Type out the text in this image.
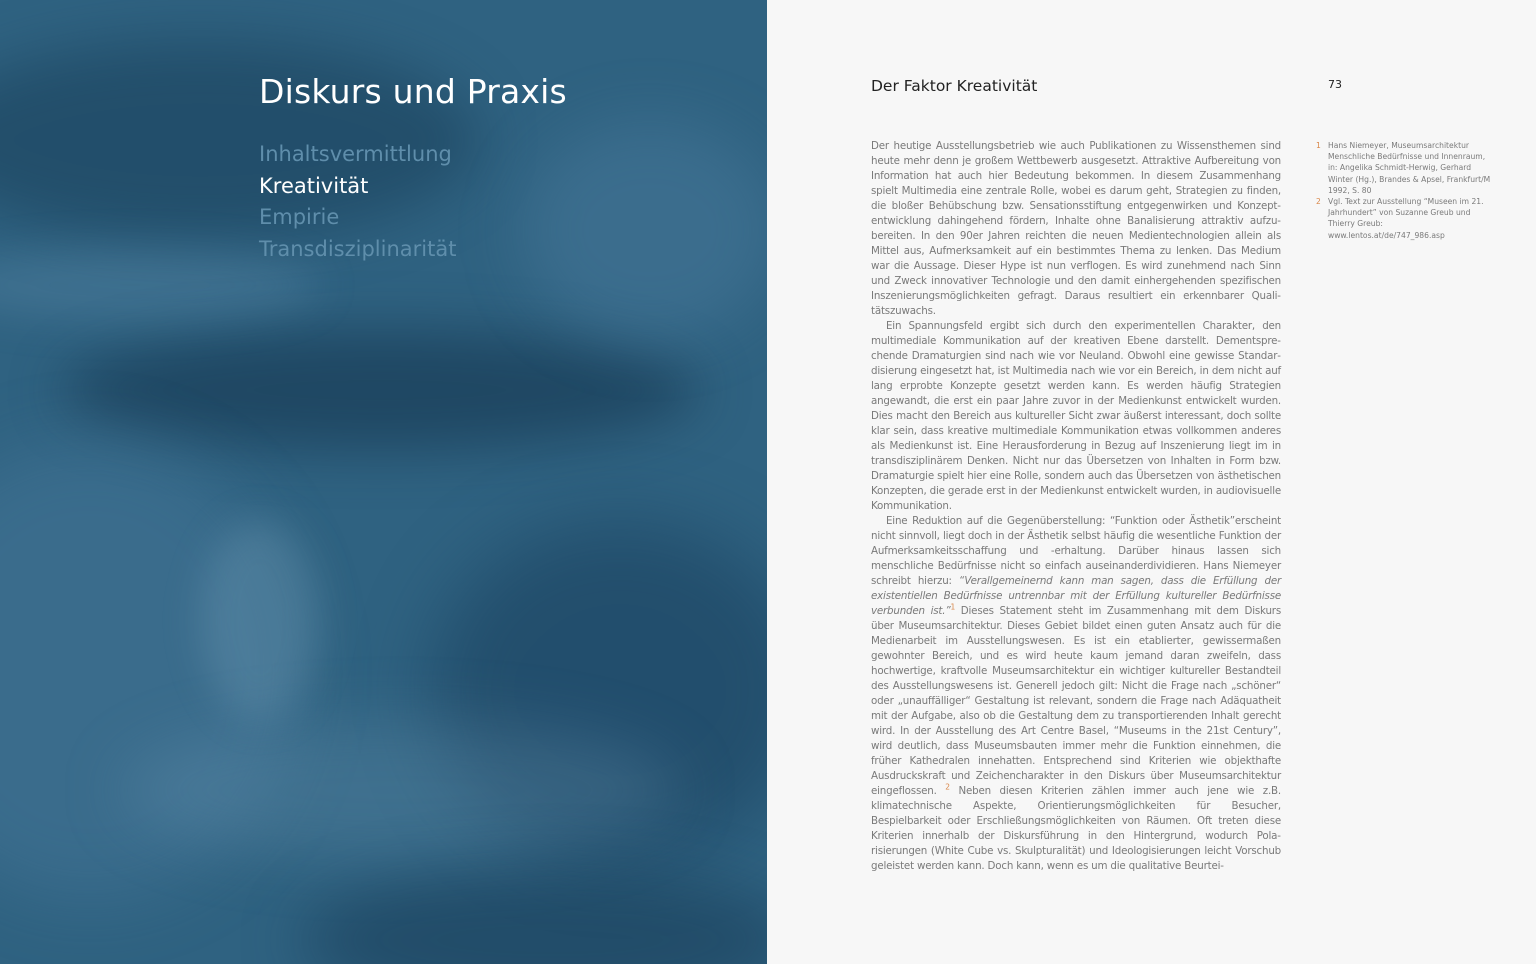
Diskurs und Praxis
Inhaltsvermittlung
Kreativität
Empirie
Transdisziplinarität
Der Faktor Kreativität	73

Der heutige Ausstellungsbetrieb wie auch Publikationen zu Wissensthemen sind heute mehr denn je großem Wettbewerb ausgesetzt. Attraktive Aufbereitung von Information hat auch hier Bedeutung bekommen. In diesem Zusammenhang spielt Multimedia eine zentrale Rolle, wobei es darum geht, Strategien zu finden, die bloßer Behübschung bzw. Sensationsstiftung entgegenwirken und Konzeptentwicklung dahingehend fördern, Inhalte ohne Banalisierung attraktiv aufzubereiten. In den 90er Jahren reichten die neuen Medientechnologien allein als Mittel aus, Aufmerksamkeit auf ein bestimmtes Thema zu lenken. Das Medium war die Aussage. Dieser Hype ist nun verflogen. Es wird zunehmend nach Sinn und Zweck innovativer Technologie und den damit einhergehenden spezifischen Inszenierungsmöglichkeiten gefragt. Daraus resultiert ein erkennbarer Qualitätszuwachs.

Ein Spannungsfeld ergibt sich durch den experimentellen Charakter, den multimediale Kommunikation auf der kreativen Ebene darstellt. Dementsprechende Dramaturgien sind nach wie vor Neuland. Obwohl eine gewisse Standardisierung eingesetzt hat, ist Multimedia nach wie vor ein Bereich, in dem nicht auf lang erprobte Konzepte gesetzt werden kann. Es werden häufig Strategien angewandt, die erst ein paar Jahre zuvor in der Medienkunst entwickelt wurden. Dies macht den Bereich aus kultureller Sicht zwar äußerst interessant, doch sollte klar sein, dass kreative multimediale Kommunikation etwas vollkommen anderes als Medienkunst ist. Eine Herausforderung in Bezug auf Inszenierung liegt im in transdisziplinärem Denken. Nicht nur das Übersetzen von Inhalten in Form bzw. Dramaturgie spielt hier eine Rolle, sondern auch das Übersetzen von ästhetischen Konzepten, die gerade erst in der Medienkunst entwickelt wurden, in audiovisuelle Kommunikation.

Eine Reduktion auf die Gegenüberstellung: “Funktion oder Ästhetik”erscheint nicht sinnvoll, liegt doch in der Ästhetik selbst häufig die wesentliche Funktion der Aufmerksamkeitsschaffung und -erhaltung. Darüber hinaus lassen sich menschliche Bedürfnisse nicht so einfach auseinanderdividieren. Hans Niemeyer schreibt hierzu: “Verallgemeinernd kann man sagen, dass die Erfüllung der existentiellen Bedürfnisse untrennbar mit der Erfüllung kultureller Bedürfnisse verbunden ist.”$^1$ Dieses Statement steht im Zusammenhang mit dem Diskurs über Museumsarchitektur. Dieses Gebiet bildet einen guten Ansatz auch für die Medienarbeit im Ausstellungswesen. Es ist ein etablierter, gewissermaßen gewohnter Bereich, und es wird heute kaum jemand daran zweifeln, dass hochwertige, kraftvolle Museumsarchitektur ein wichtiger kultureller Bestandteil des Ausstellungswesens ist. Generell jedoch gilt: Nicht die Frage nach „schöner“ oder „unauffälliger“ Gestaltung ist relevant, sondern die Frage nach Adäquatheit mit der Aufgabe, also ob die Gestaltung dem zu transportierenden Inhalt gerecht wird. In der Ausstellung des Art Centre Basel, “Museums in the 21st Century”, wird deutlich, dass Museumsbauten immer mehr die Funktion einnehmen, die früher Kathedralen innehatten. Entsprechend sind Kriterien wie objekthafte Ausdruckskraft und Zeichencharakter in den Diskurs über Museumsarchitektur eingeflossen. $^2$ Neben diesen Kriterien zählen immer auch jene wie z.B. klimatechnische Aspekte, Orientierungsmöglichkeiten für Besucher, Bespielbarkeit oder Erschließungsmöglichkeiten von Räumen. Oft treten diese Kriterien innerhalb der Diskursführung in den Hintergrund, wodurch Polarisierungen (White Cube vs. Skulpturalität) und Ideologisierungen leicht Vorschub geleistet werden kann. Doch kann, wenn es um die qualitative Beurtei-

1 Hans Niemeyer, Museumsarchitektur Menschliche Bedürfnisse und Innenraum, in: Angelika Schmidt-Herwig, Gerhard Winter (Hg.), Brandes & Apsel, Frankfurt/M 1992, S. 80
2 Vgl. Text zur Ausstellung “Museen im 21. Jahrhundert” von Suzanne Greub und Thierry Greub: www.lentos.at/de/747_986.asp
